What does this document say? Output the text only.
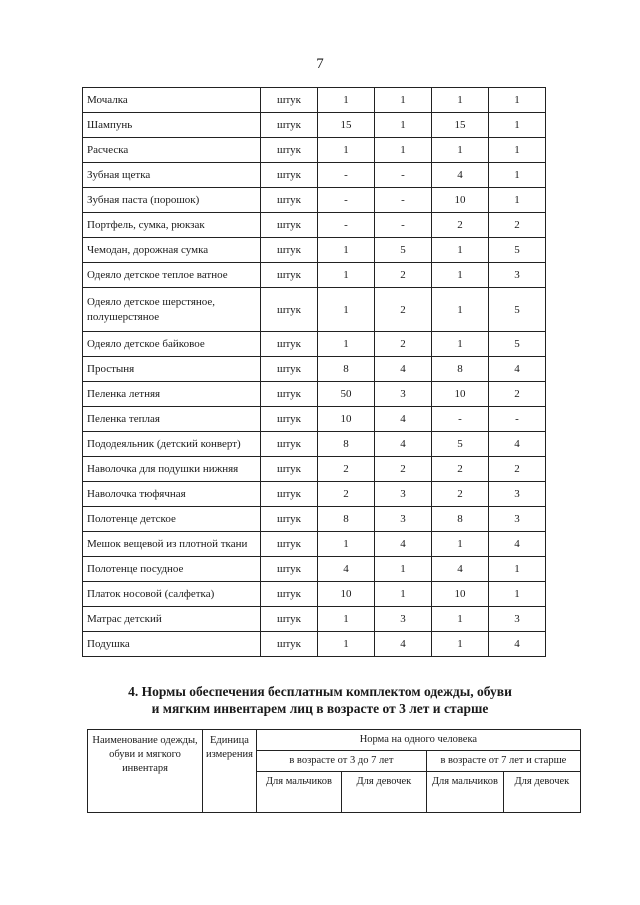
7
Мочалка	штук	1	1	1	1
Шампунь	штук	15	1	15	1
Расческа	штук	1	1	1	1
Зубная щетка	штук	-	-	4	1
Зубная паста (порошок)	штук	-	-	10	1
Портфель, сумка, рюкзак	штук	-	-	2	2
Чемодан, дорожная сумка	штук	1	5	1	5
Одеяло детское теплое ватное	штук	1	2	1	3
Одеяло детское шерстяное, полушерстяное	штук	1	2	1	5
Одеяло детское байковое	штук	1	2	1	5
Простыня	штук	8	4	8	4
Пеленка летняя	штук	50	3	10	2
Пеленка теплая	штук	10	4	-	-
Пододеяльник (детский конверт)	штук	8	4	5	4
Наволочка для подушки нижняя	штук	2	2	2	2
Наволочка тюфячная	штук	2	3	2	3
Полотенце детское	штук	8	3	8	3
Мешок вещевой из плотной ткани	штук	1	4	1	4
Полотенце посудное	штук	4	1	4	1
Платок носовой (салфетка)	штук	10	1	10	1
Матрас детский	штук	1	3	1	3
Подушка	штук	1	4	1	4
4. Нормы обеспечения бесплатным комплектом одежды, обуви
и мягким инвентарем лиц в возрасте от 3 лет и старше
Наименование одежды, обуви и мягкого инвентаря	Единица измерения	Норма на одного человека			
		в возрасте от 3 до 7 лет		в возрасте от 7 лет и старше	
		Для мальчиков	Для девочек	Для мальчиков	Для девочек
